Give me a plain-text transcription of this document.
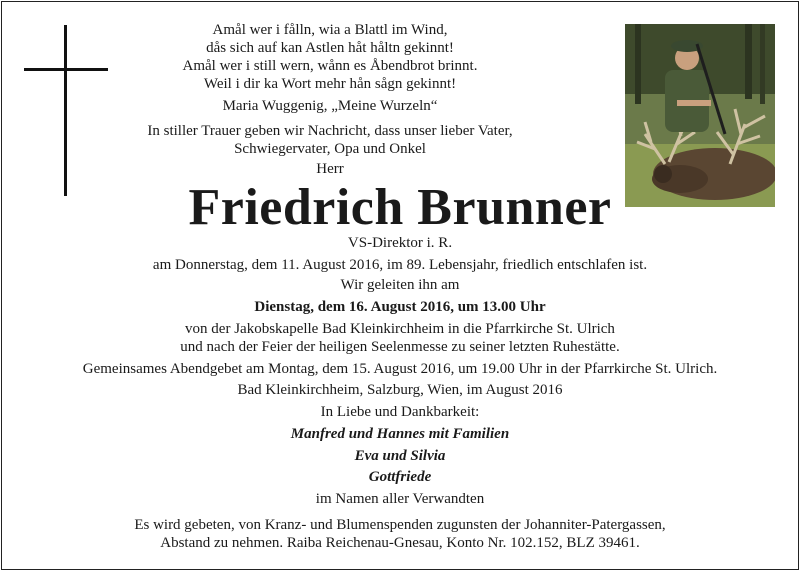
Amål wer i fålln, wia a Blattl im Wind,
dås sich auf kan Astlen håt håltn gekinnt!
Amål wer i still wern, wånn es Åbendbrot brinnt.
Weil i dir ka Wort mehr hån sågn gekinnt!
Maria Wuggenig, „Meine Wurzeln“
In stiller Trauer geben wir Nachricht, dass unser lieber Vater,
Schwiegervater, Opa und Onkel
Herr
Friedrich Brunner
VS-Direktor i. R.
am Donnerstag, dem 11. August 2016, im 89. Lebensjahr, friedlich entschlafen ist.
Wir geleiten ihn am
Dienstag, dem 16. August 2016, um 13.00 Uhr
von der Jakobskapelle Bad Kleinkirchheim in die Pfarrkirche St. Ulrich
und nach der Feier der heiligen Seelenmesse zu seiner letzten Ruhestätte.
Gemeinsames Abendgebet am Montag, dem 15. August 2016, um 19.00 Uhr in der Pfarrkirche St. Ulrich.
Bad Kleinkirchheim, Salzburg, Wien, im August 2016
In Liebe und Dankbarkeit:
Manfred und Hannes mit Familien
Eva und Silvia
Gottfriede
im Namen aller Verwandten
Es wird gebeten, von Kranz- und Blumenspenden zugunsten der Johanniter-Patergassen,
Abstand zu nehmen. Raiba Reichenau-Gnesau, Konto Nr. 102.152, BLZ 39461.
